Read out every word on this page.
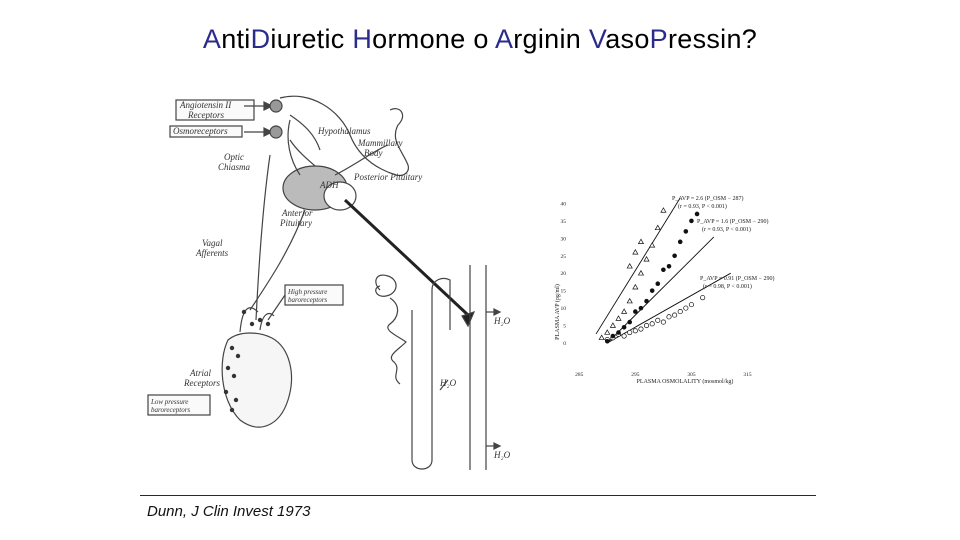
AntiDiuretic Hormone o Arginin VasoPressin?
Angiotensin II
Receptors
Osmoreceptors
Optic
Chiasma
Hypothalamus
Mammillary
Body
Posterior Pituitary
ADH
Anterior
Pituitary
Vagal
Afferents
High pressure
baroreceptors
Atrial
Receptors
Low pressure
baroreceptors
H₂O
H₂O
H₂O
0
5
10
15
20
25
30
35
40
285	295	305	315
PLASMA AVP (pg/ml)
PLASMA OSMOLALITY (mosmol/kg)
P_AVP = 2.6 (P_OSM − 287)
(r = 0.93, P < 0.001)
P_AVP = 1.6 (P_OSM − 290)
(r = 0.93, P < 0.001)
P_AVP = 0.91 (P_OSM − 290)
(r = 0.98, P < 0.001)
Dunn, J Clin Invest 1973
